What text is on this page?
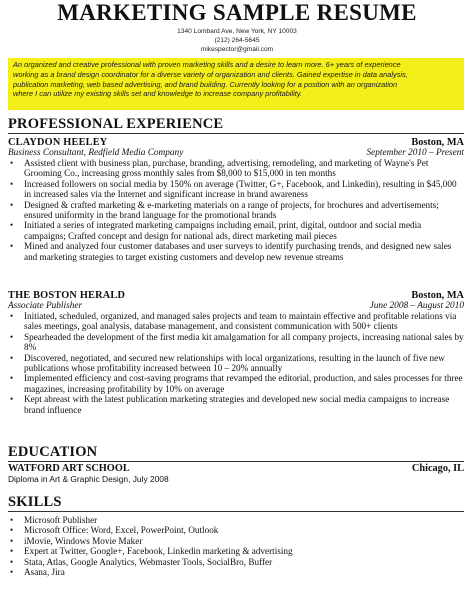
MARKETING SAMPLE RESUME
1340 Lombard Ave, New York, NY 10003
(212) 264-5645
mikespector@gmail.com
An organized and creative professional with proven marketing skills and a desire to learn more. 6+ years of experience
working as a brand design coordinator for a diverse variety of organization and clients. Gained expertise in data analysis,
publication marketing, web based advertising, and brand building. Currently looking for a position with an organization
where I can utilize my existing skills set and knowledge to increase company profitability.
PROFESSIONAL EXPERIENCE
CLAYDON HEELEY	Boston, MA
Business Consultant, Redfield Media Company	September 2010 – Present
• Assisted client with business plan, purchase, branding, advertising, remodeling, and marketing of Wayne's Pet Grooming Co., increasing gross monthly sales from $8,000 to $15,000 in ten months
• Increased followers on social media by 150% on average (Twitter, G+, Facebook, and Linkedin), resulting in $45,000 in increased sales via the Internet and significant increase in brand awareness
• Designed & crafted marketing & e-marketing materials on a range of projects, for brochures and advertisements; ensured uniformity in the brand language for the promotional brands
• Initiated a series of integrated marketing campaigns including email, print, digital, outdoor and social media campaigns; Crafted concept and design for national ads, direct marketing mail pieces
• Mined and analyzed four customer databases and user surveys to identify purchasing trends, and designed new sales and marketing strategies to target existing customers and develop new revenue streams
THE BOSTON HERALD	Boston, MA
Associate Publisher	June 2008 – August 2010
• Initiated, scheduled, organized, and managed sales projects and team to maintain effective and profitable relations via sales meetings, goal analysis, database management, and consistent communication with 500+ clients
• Spearheaded the development of the first media kit amalgamation for all company projects, increasing national sales by 8%
• Discovered, negotiated, and secured new relationships with local organizations, resulting in the launch of five new publications whose profitability increased between 10 – 20% annually
• Implemented efficiency and cost-saving programs that revamped the editorial, production, and sales processes for three magazines, increasing profitability by 10% on average
• Kept abreast with the latest publication marketing strategies and developed new social media campaigns to increase brand influence
EDUCATION
WATFORD ART SCHOOL	Chicago, IL
Diploma in Art & Graphic Design, July 2008
SKILLS
• Microsoft Publisher
• Microsoft Office: Word, Excel, PowerPoint, Outlook
• iMovie, Windows Movie Maker
• Expert at Twitter, Google+, Facebook, Linkedin marketing & advertising
• Stata, Atlas, Google Analytics, Webmaster Tools, SocialBro, Buffer
• Asana, Jira
